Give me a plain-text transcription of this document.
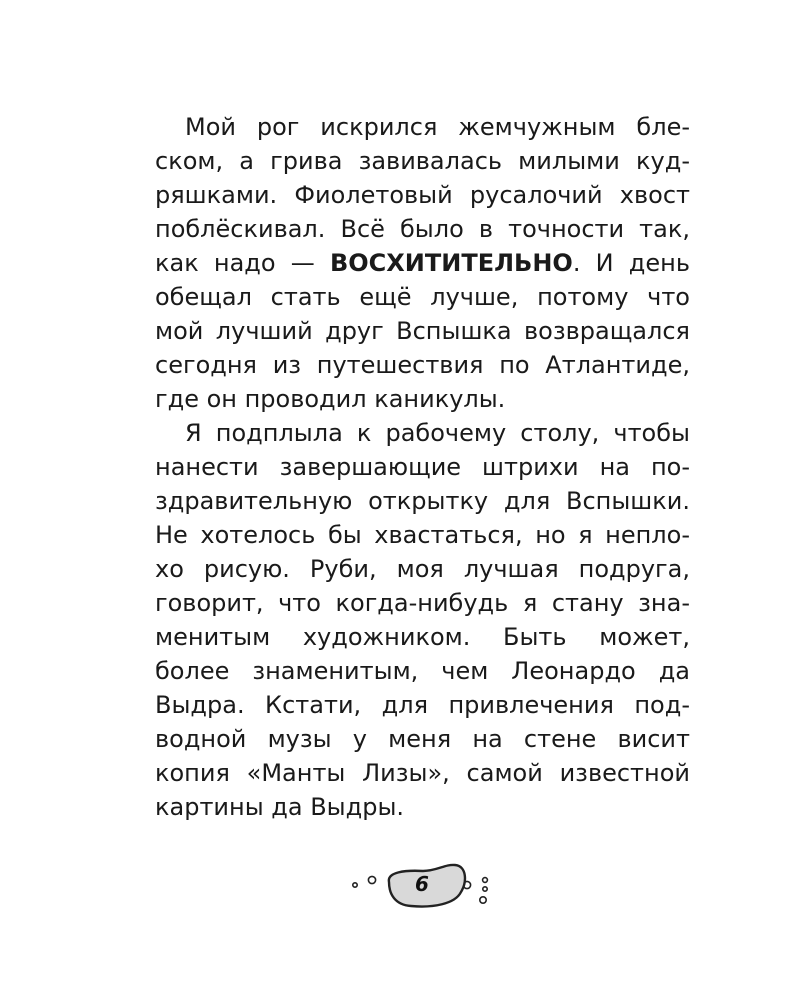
Мой рог искрился жемчужным бле-
ском, а грива завивалась милыми куд-
ряшками. Фиолетовый русалочий хвост
поблёскивал. Всё было в точности так,
как надо — ВОСХИТИТЕЛЬНО. И день
обещал стать ещё лучше, потому что
мой лучший друг Вспышка возвращался
сегодня из путешествия по Атлантиде,
где он проводил каникулы.
Я подплыла к рабочему столу, чтобы
нанести завершающие штрихи на по-
здравительную открытку для Вспышки.
Не хотелось бы хвастаться, но я непло-
хо рисую. Руби, моя лучшая подруга,
говорит, что когда-нибудь я стану зна-
менитым художником. Быть может,
более знаменитым, чем Леонардо да
Выдра. Кстати, для привлечения под-
водной музы у меня на стене висит
копия «Манты Лизы», самой известной
картины да Выдры.
6
